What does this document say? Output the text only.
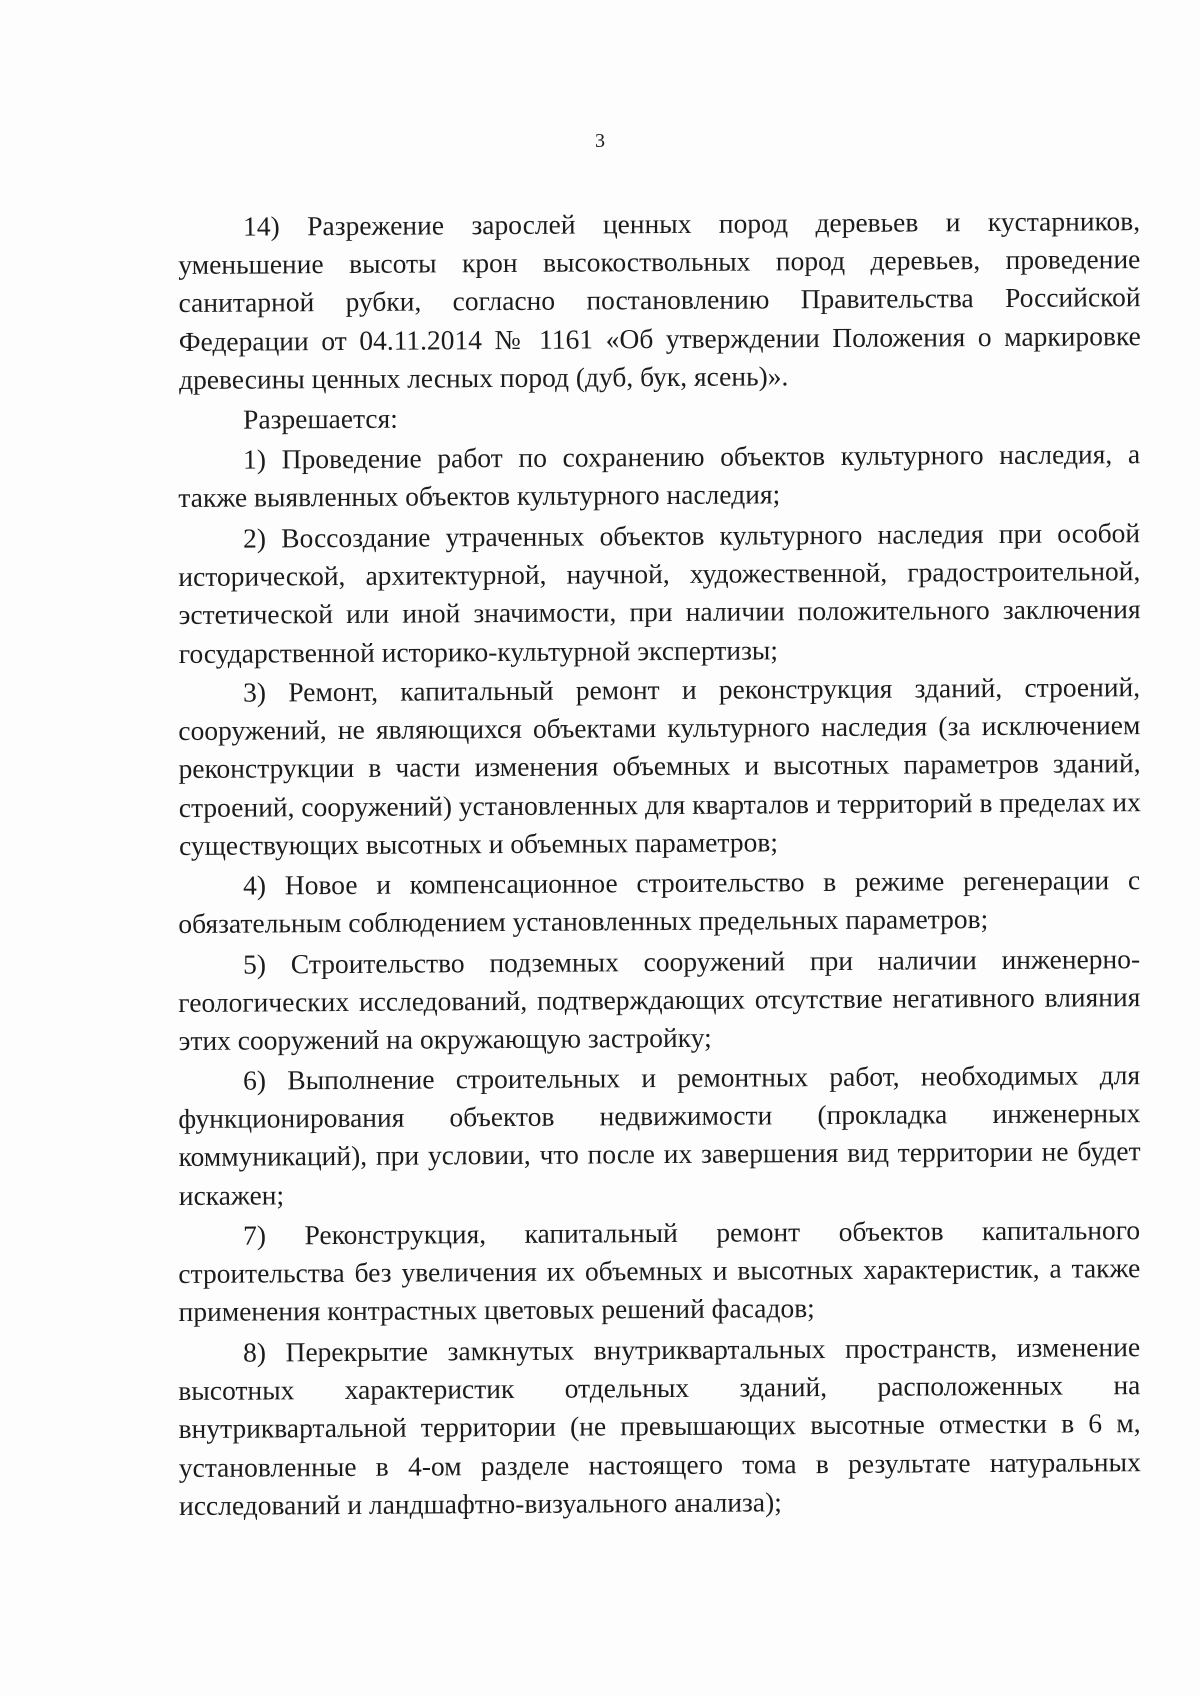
3

14) Разрежение зарослей ценных пород деревьев и кустарников, уменьшение высоты крон высокоствольных пород деревьев, проведение санитарной рубки, согласно постановлению Правительства Российской Федерации от 04.11.2014 № 1161 «Об утверждении Положения о маркировке древесины ценных лесных пород (дуб, бук, ясень)».

Разрешается:

1) Проведение работ по сохранению объектов культурного наследия, а также выявленных объектов культурного наследия;

2) Воссоздание утраченных объектов культурного наследия при особой исторической, архитектурной, научной, художественной, градостроительной, эстетической или иной значимости, при наличии положительного заключения государственной историко-культурной экспертизы;

3) Ремонт, капитальный ремонт и реконструкция зданий, строений, сооружений, не являющихся объектами культурного наследия (за исключением реконструкции в части изменения объемных и высотных параметров зданий, строений, сооружений) установленных для кварталов и территорий в пределах их существующих высотных и объемных параметров;

4) Новое и компенсационное строительство в режиме регенерации с обязательным соблюдением установленных предельных параметров;

5) Строительство подземных сооружений при наличии инженерно-геологических исследований, подтверждающих отсутствие негативного влияния этих сооружений на окружающую застройку;

6) Выполнение строительных и ремонтных работ, необходимых для функционирования объектов недвижимости (прокладка инженерных коммуникаций), при условии, что после их завершения вид территории не будет искажен;

7) Реконструкция, капитальный ремонт объектов капитального строительства без увеличения их объемных и высотных характеристик, а также применения контрастных цветовых решений фасадов;

8) Перекрытие замкнутых внутриквартальных пространств, изменение высотных характеристик отдельных зданий, расположенных на внутриквартальной территории (не превышающих высотные отместки в 6 м, установленные в 4-ом разделе настоящего тома в результате натуральных исследований и ландшафтно-визуального анализа);
